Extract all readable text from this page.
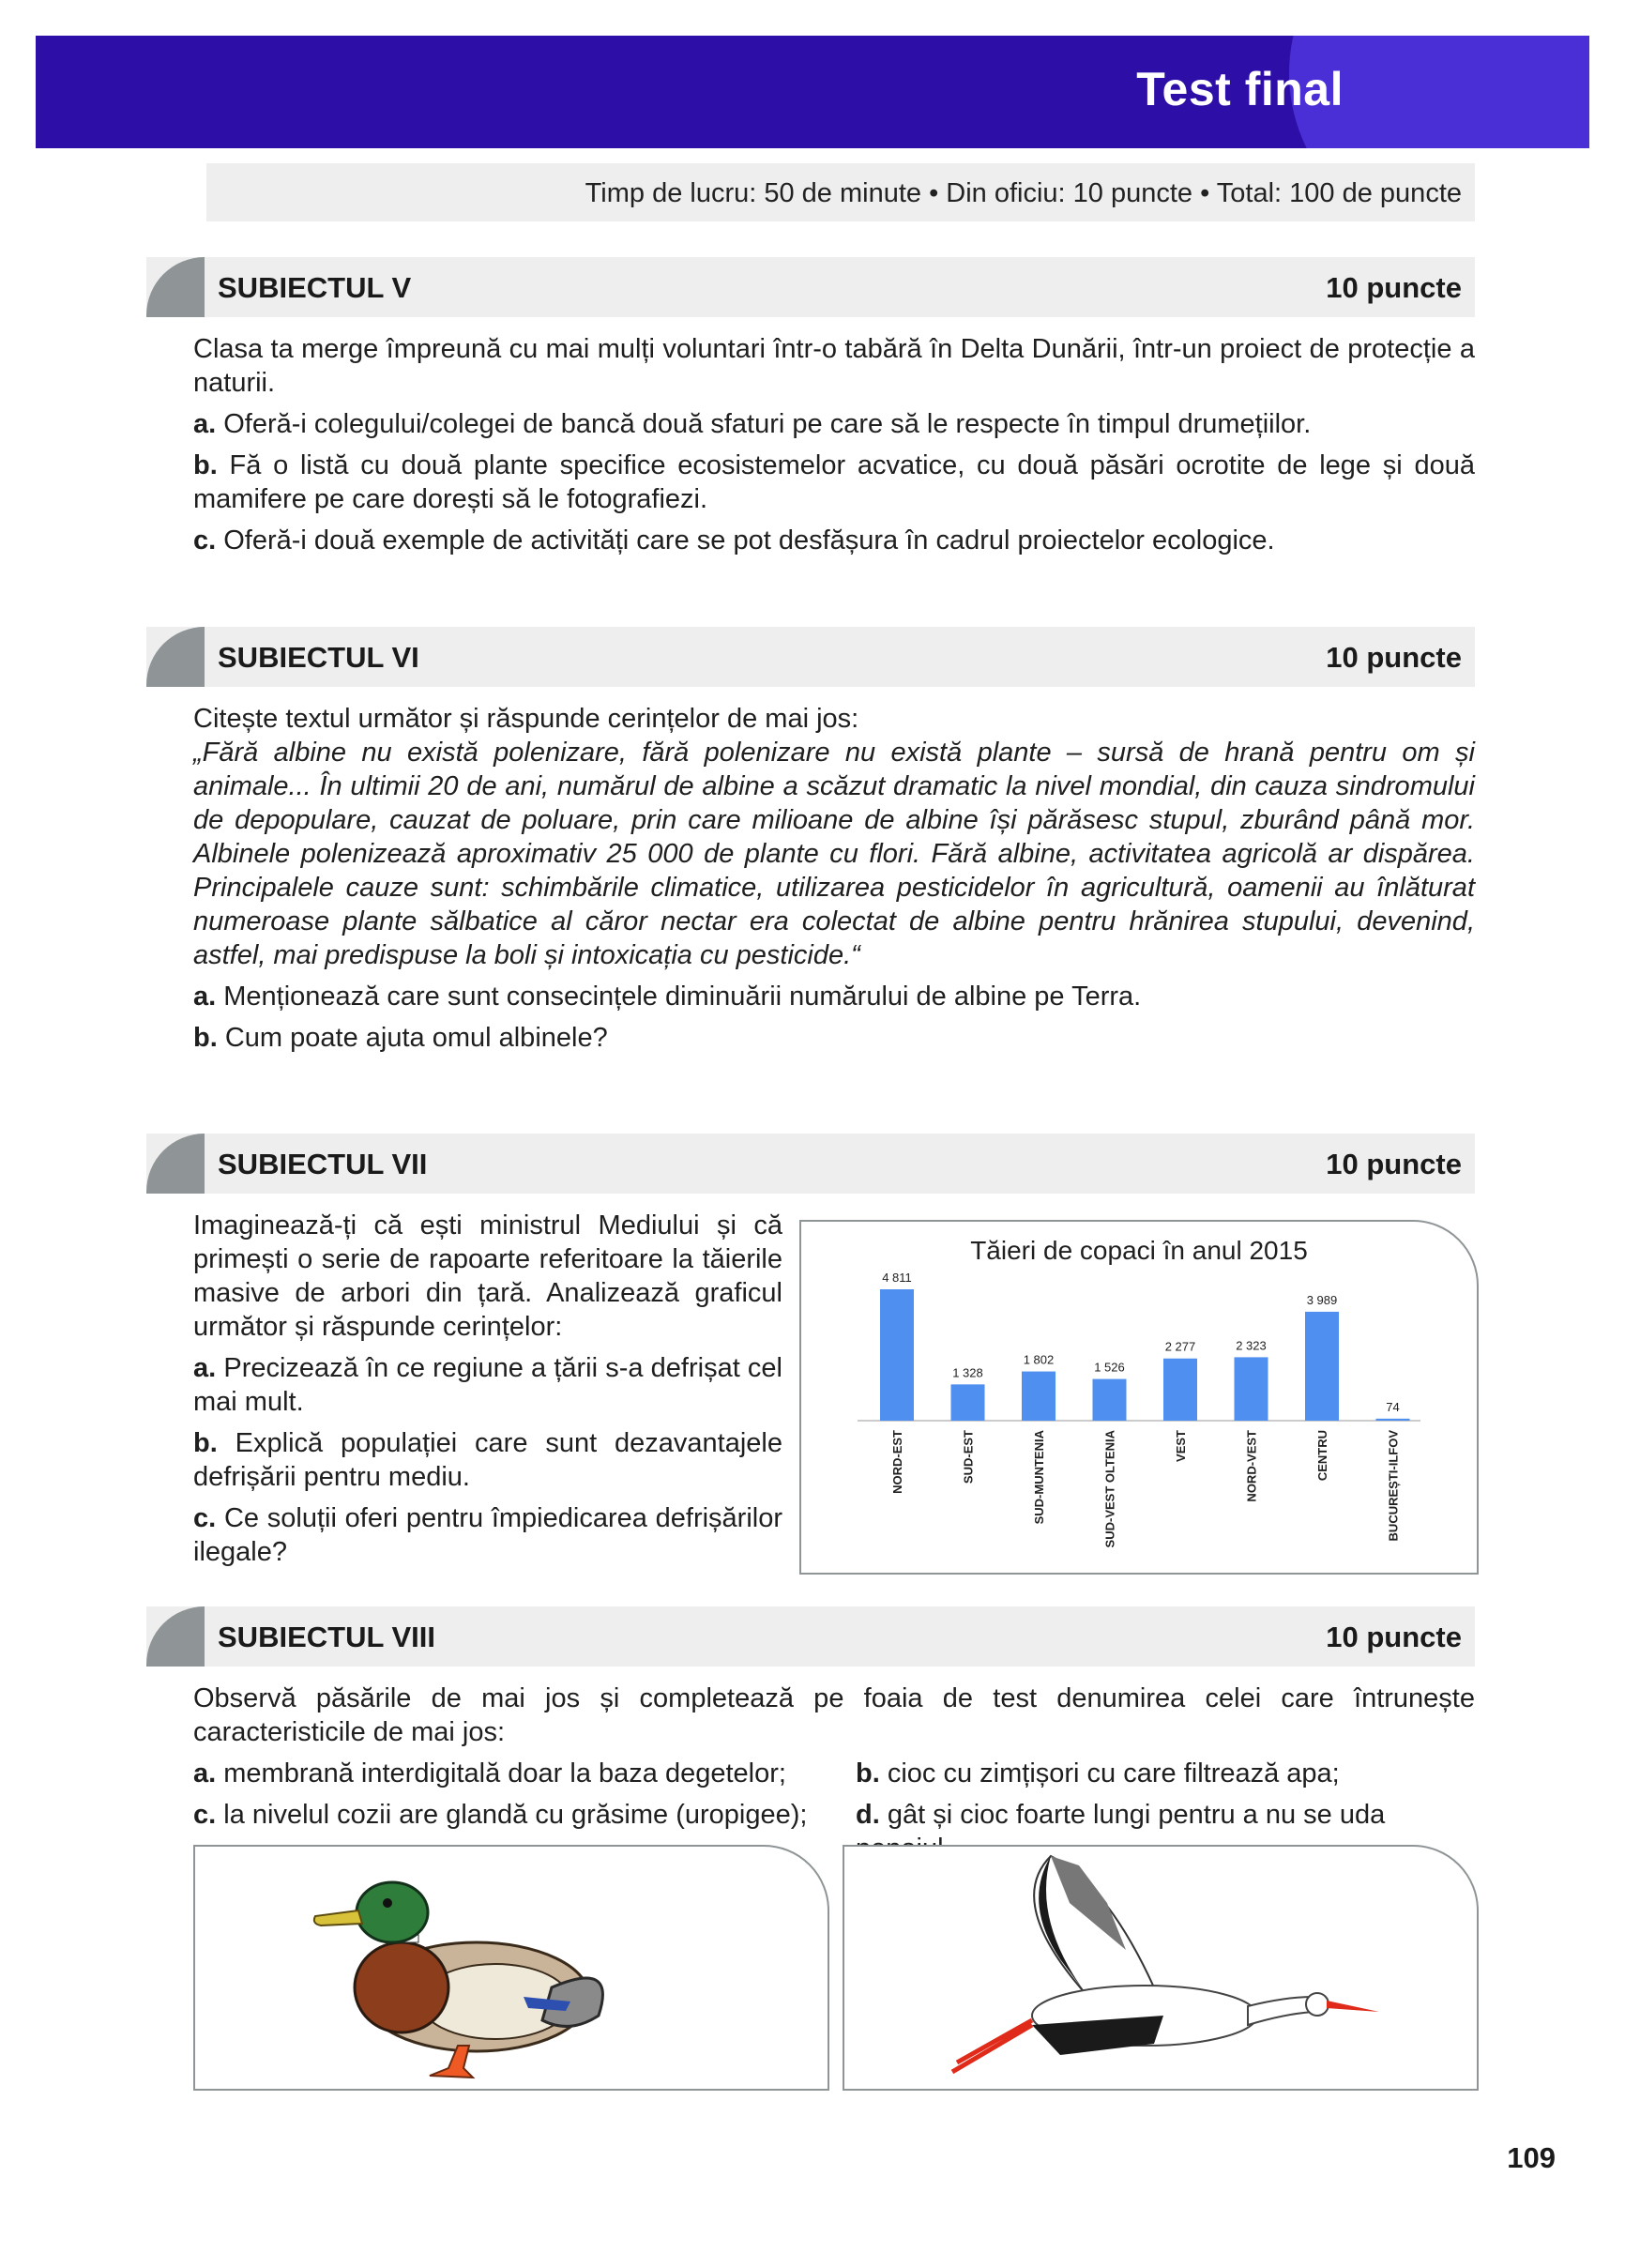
Test final
Timp de lucru: 50 de minute • Din oficiu: 10 puncte • Total: 100 de puncte
SUBIECTUL V	10 puncte

Clasa ta merge împreună cu mai mulți voluntari într-o tabără în Delta Dunării, într-un proiect de protecție a naturii.

a. Oferă-i colegului/colegei de bancă două sfaturi pe care să le respecte în timpul drumețiilor.

b. Fă o listă cu două plante specifice ecosistemelor acvatice, cu două păsări ocrotite de lege și două mamifere pe care dorești să le fotografiezi.

c. Oferă-i două exemple de activități care se pot desfășura în cadrul proiectelor ecologice.

SUBIECTUL VI	10 puncte

Citește textul următor și răspunde cerințelor de mai jos:

„Fără albine nu există polenizare, fără polenizare nu există plante – sursă de hrană pentru om și animale... În ultimii 20 de ani, numărul de albine a scăzut dramatic la nivel mondial, din cauza sindromului de depopulare, cauzat de poluare, prin care milioane de albine își părăsesc stupul, zburând până mor. Albinele polenizează aproximativ 25 000 de plante cu flori. Fără albine, activitatea agricolă ar dispărea. Principalele cauze sunt: schimbările climatice, utilizarea pesticidelor în agricultură, oamenii au înlăturat numeroase plante sălbatice al căror nectar era colectat de albine pentru hrănirea stupului, devenind, astfel, mai predispuse la boli și intoxicația cu pesticide.“

a. Menționează care sunt consecințele diminuării numărului de albine pe Terra.

b. Cum poate ajuta omul albinele?

SUBIECTUL VII	10 puncte

Imaginează-ți că ești ministrul Mediului și că primești o serie de rapoarte referitoare la tăierile masive de arbori din țară. Analizează graficul următor și răspunde cerințelor:

a. Precizează în ce regiune a țării s-a defrișat cel mai mult.

b. Explică populației care sunt dezavantajele defrișării pentru mediu.

c. Ce soluții oferi pentru împiedicarea defrișărilor ilegale?

Tăieri de copaci în anul 2015
4 811
NORD-EST
1 328
SUD-EST
1 802
SUD-MUNTENIA
1 526
SUD-VEST OLTENIA
2 277
VEST
2 323
NORD-VEST
3 989
CENTRU
74
BUCUREȘTI-ILFOV
SUBIECTUL VIII	10 puncte

Observă păsările de mai jos și completează pe foaia de test denumirea celei care întrunește caracteristicile de mai jos:

a. membrană interdigitală doar la baza degetelor;	b. cioc cu zimțișori cu care filtrează apa;
c. la nivelul cozii are glandă cu grăsime (uropigee);	d. gât și cioc foarte lungi pentru a nu se uda
109
